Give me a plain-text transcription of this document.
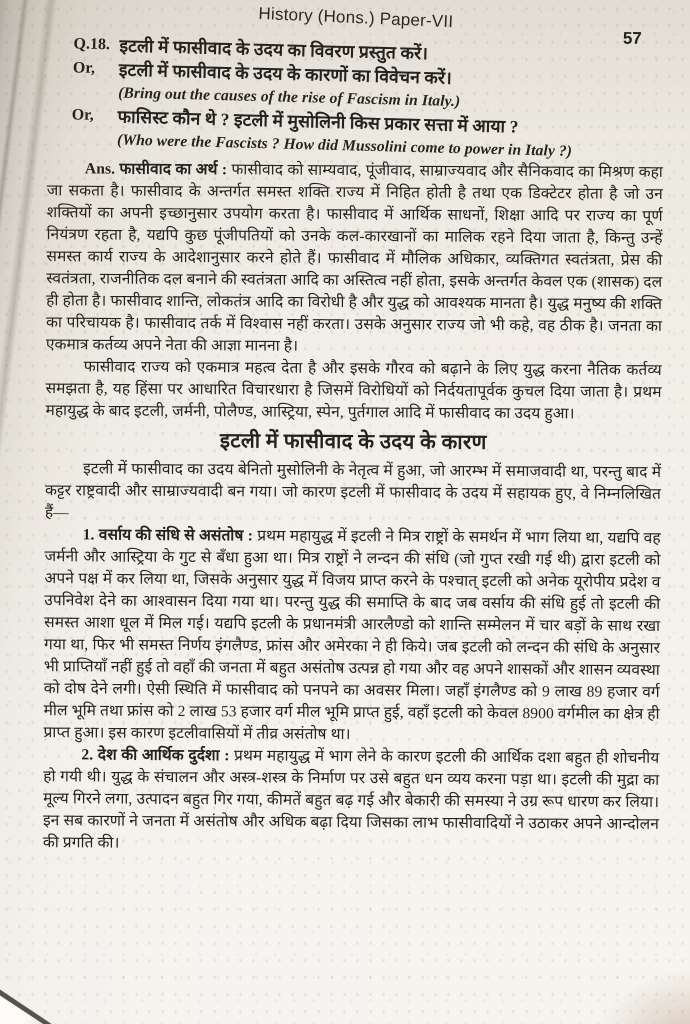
History (Hons.) Paper-VII
57
Q.18. इटली में फासीवाद के उदय का विवरण प्रस्तुत करें।
Or,	इटली में फासीवाद के उदय के कारणों का विवेचन करें।
(Bring out the causes of the rise of Fascism in Italy.)
Or,	फासिस्ट कौन थे ? इटली में मुसोलिनी किस प्रकार सत्ता में आया ?
(Who were the Fascists ? How did Mussolini come to power in Italy ?)

Ans. फासीवाद का अर्थ : फासीवाद को साम्यवाद, पूंजीवाद, साम्राज्यवाद और सैनिकवाद का मिश्रण कहा जा सकता है। फासीवाद के अन्तर्गत समस्त शक्ति राज्य में निहित होती है तथा एक डिक्टेटर होता है जो उन शक्तियों का अपनी इच्छानुसार उपयोग करता है। फासीवाद में आर्थिक साधनों, शिक्षा आदि पर राज्य का पूर्ण नियंत्रण रहता है, यद्यपि कुछ पूंजीपतियों को उनके कल-कारखानों का मालिक रहने दिया जाता है, किन्तु उन्हें समस्त कार्य राज्य के आदेशानुसार करने होते हैं। फासीवाद में मौलिक अधिकार, व्यक्तिगत स्वतंत्रता, प्रेस की स्वतंत्रता, राजनीतिक दल बनाने की स्वतंत्रता आदि का अस्तित्व नहीं होता, इसके अन्तर्गत केवल एक (शासक) दल ही होता है। फासीवाद शान्ति, लोकतंत्र आदि का विरोधी है और युद्ध को आवश्यक मानता है। युद्ध मनुष्य की शक्ति का परिचायक है। फासीवाद तर्क में विश्वास नहीं करता। उसके अनुसार राज्य जो भी कहे, वह ठीक है। जनता का एकमात्र कर्तव्य अपने नेता की आज्ञा मानना है।

फासीवाद राज्य को एकमात्र महत्व देता है और इसके गौरव को बढ़ाने के लिए युद्ध करना नैतिक कर्तव्य समझता है, यह हिंसा पर आधारित विचारधारा है जिसमें विरोधियों को निर्दयतापूर्वक कुचल दिया जाता है। प्रथम महायुद्ध के बाद इटली, जर्मनी, पोलैण्ड, आस्ट्रिया, स्पेन, पुर्तगाल आदि में फासीवाद का उदय हुआ।

इटली में फासीवाद के उदय के कारण

इटली में फासीवाद का उदय बेनितो मुसोलिनी के नेतृत्व में हुआ, जो आरम्भ में समाजवादी था, परन्तु बाद में कट्टर राष्ट्रवादी और साम्राज्यवादी बन गया। जो कारण इटली में फासीवाद के उदय में सहायक हुए, वे निम्नलिखित हैं—

1. वर्साय की संधि से असंतोष : प्रथम महायुद्ध में इटली ने मित्र राष्ट्रों के समर्थन में भाग लिया था, यद्यपि वह जर्मनी और आस्ट्रिया के गुट से बँधा हुआ था। मित्र राष्ट्रों ने लन्दन की संधि (जो गुप्त रखी गई थी) द्वारा इटली को अपने पक्ष में कर लिया था, जिसके अनुसार युद्ध में विजय प्राप्त करने के पश्चात् इटली को अनेक यूरोपीय प्रदेश व उपनिवेश देने का आश्वासन दिया गया था। परन्तु युद्ध की समाप्ति के बाद जब वर्साय की संधि हुई तो इटली की समस्त आशा धूल में मिल गई। यद्यपि इटली के प्रधानमंत्री आरलैण्डो को शान्ति सम्मेलन में चार बड़ों के साथ रखा गया था, फिर भी समस्त निर्णय इंगलैण्ड, फ्रांस और अमेरका ने ही किये। जब इटली को लन्दन की संधि के अनुसार भी प्राप्तियाँ नहीं हुई तो वहाँ की जनता में बहुत असंतोष उत्पन्न हो गया और वह अपने शासकों और शासन व्यवस्था को दोष देने लगी। ऐसी स्थिति में फासीवाद को पनपने का अवसर मिला। जहाँ इंगलैण्ड को 9 लाख 89 हजार वर्ग मील भूमि तथा फ्रांस को 2 लाख 53 हजार वर्ग मील भूमि प्राप्त हुई, वहाँ इटली को केवल 8900 वर्गमील का क्षेत्र ही प्राप्त हुआ। इस कारण इटलीवासियों में तीव्र असंतोष था।

2. देश की आर्थिक दुर्दशा : प्रथम महायुद्ध में भाग लेने के कारण इटली की आर्थिक दशा बहुत ही शोचनीय हो गयी थी। युद्ध के संचालन और अस्त्र-शस्त्र के निर्माण पर उसे बहुत धन व्यय करना पड़ा था। इटली की मुद्रा का मूल्य गिरने लगा, उत्पादन बहुत गिर गया, कीमतें बहुत बढ़ गई और बेकारी की समस्या ने उग्र रूप धारण कर लिया। इन सब कारणों ने जनता में असंतोष और अधिक बढ़ा दिया जिसका लाभ फासीवादियों ने उठाकर अपने आन्दोलन की प्रगति की।
